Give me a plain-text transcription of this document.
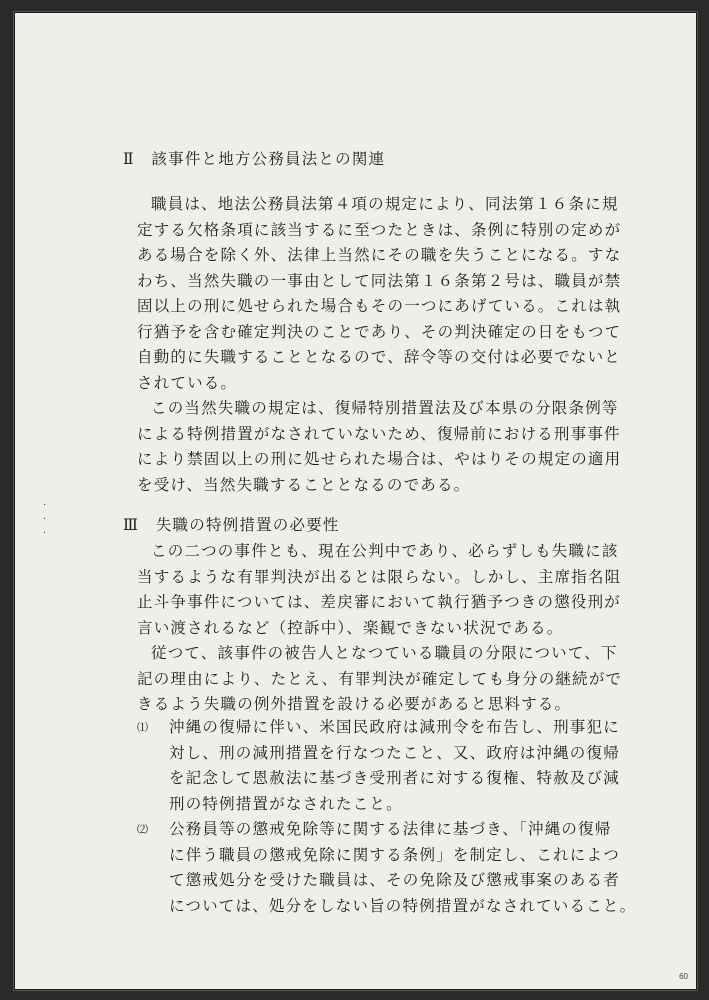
Ⅱ　該事件と地方公務員法との関連
職員は、地法公務員法第４項の規定により、同法第１６条に規
定する欠格条項に該当するに至つたときは、条例に特別の定めが
ある場合を除く外、法律上当然にその職を失うことになる。すな
わち、当然失職の一事由として同法第１６条第２号は、職員が禁
固以上の刑に処せられた場合もその一つにあげている。これは執
行猶予を含む確定判決のことであり、その判決確定の日をもつて
自動的に失職することとなるので、辞令等の交付は必要でないと
されている。
この当然失職の規定は、復帰特別措置法及び本県の分限条例等
による特例措置がなされていないため、復帰前における刑事事件
により禁固以上の刑に処せられた場合は、やはりその規定の適用
を受け、当然失職することとなるのである。
·
·
·	Ⅲ　失職の特例措置の必要性
この二つの事件とも、現在公判中であり、必らずしも失職に該
当するような有罪判決が出るとは限らない。しかし、主席指名阻
止斗争事件については、差戻審において執行猶予つきの懲役刑が
言い渡されるなど（控訴中）、楽観できない状況である。
従つて、該事件の被告人となつている職員の分限について、下
記の理由により、たとえ、有罪判決が確定しても身分の継続がで
きるよう失職の例外措置を設ける必要があると思料する。
⑴ 沖縄の復帰に伴い、米国民政府は減刑令を布告し、刑事犯に
対し、刑の減刑措置を行なつたこと、又、政府は沖縄の復帰
を記念して恩赦法に基づき受刑者に対する復権、特赦及び減
刑の特例措置がなされたこと。
⑵ 公務員等の懲戒免除等に関する法律に基づき、「沖縄の復帰
に伴う職員の懲戒免除に関する条例」を制定し、これによつ
て懲戒処分を受けた職員は、その免除及び懲戒事案のある者
については、処分をしない旨の特例措置がなされていること。
60
